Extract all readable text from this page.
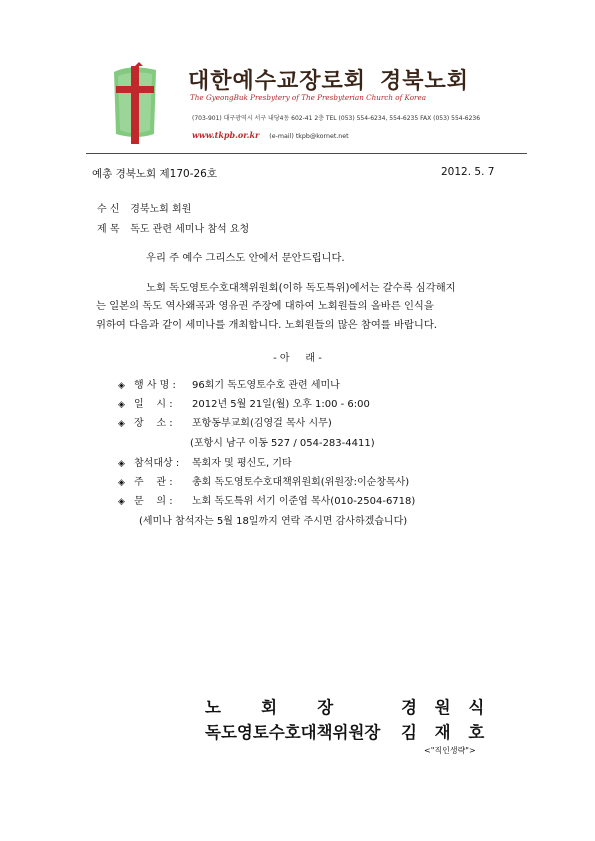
대한예수교장로회 경북노회
The GyeongBuk Presbytery of The Presbyterian Church of Korea
(703-901) 대구광역시 서구 내당4동 602-41 2층 TEL (053) 554-6234, 554-6235 FAX (053) 554-6236
www.tkpb.or.kr (e-mail) tkpb@kornet.net
예총 경북노회 제170-26호	2012. 5. 7
수 신 경북노회 회원
제 목 독도 관련 세미나 참석 요청
우리 주 예수 그리스도 안에서 문안드립니다.
노회 독도영토수호대책위원회(이하 독도특위)에서는 갈수록 심각해지
는 일본의 독도 역사왜곡과 영유권 주장에 대하여 노회원들의 올바른 인식을
위하여 다음과 같이 세미나를 개최합니다. 노회원들의 많은 참여를 바랍니다.
- 아     래 -
◈ 행 사 명 : 96회기 독도영토수호 관련 세미나
◈ 일    시 : 2012년 5월 21일(월) 오후 1:00 - 6:00
◈ 장    소 : 포항동부교회(김영걸 목사 시무)
(포항시 남구 이동 527 / 054-283-4411)
◈ 참석대상 : 목회자 및 평신도, 기타
◈ 주    관 : 총회 독도영토수호대책위원회(위원장:이순창목사)
◈ 문    의 : 노회 독도특위 서기 이준엽 목사(010-2504-6718)
(세미나 참석자는 5월 18일까지 연락 주시면 감사하겠습니다)
노       회       장	경 원 식
독도영토수호대책위원장 김 재 호
<"직인생략">
